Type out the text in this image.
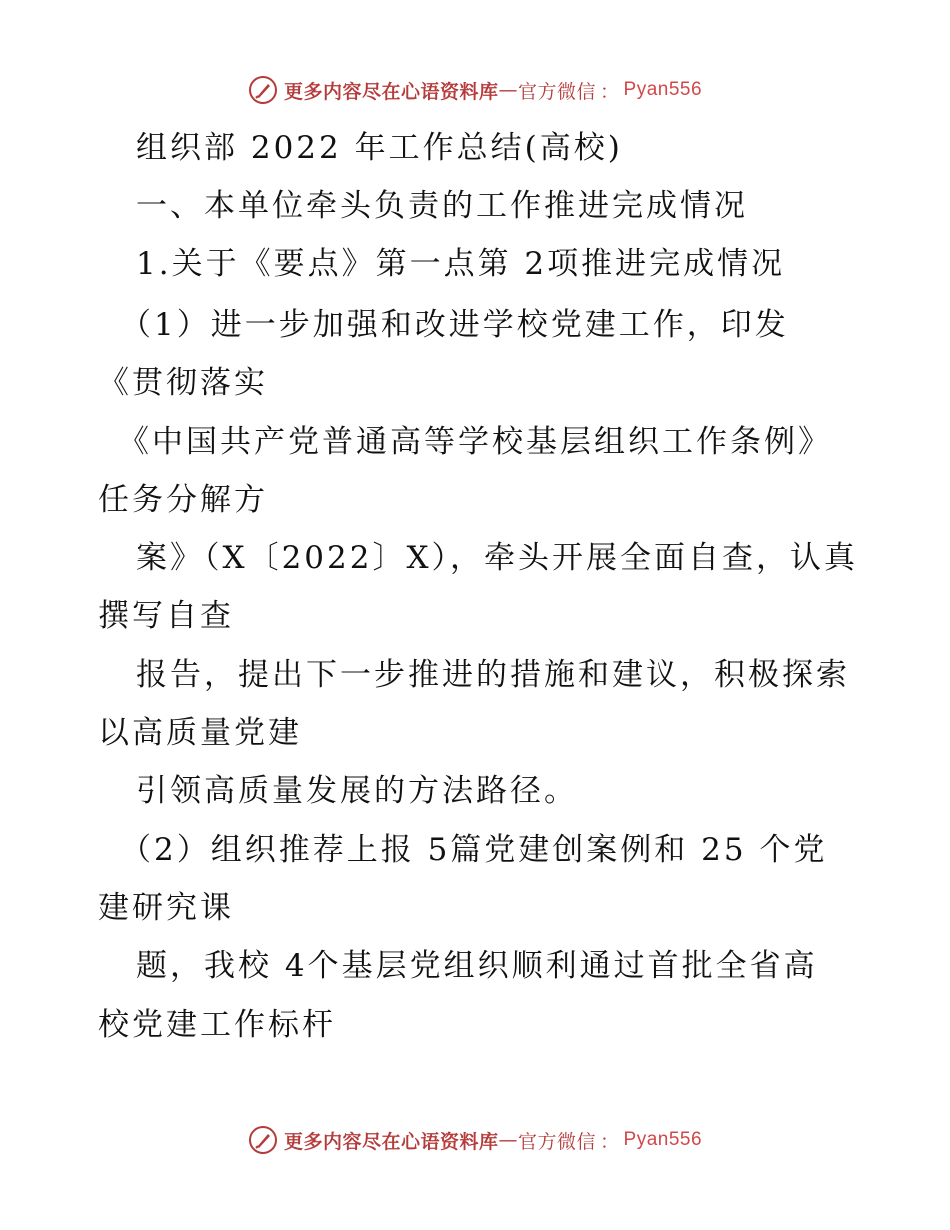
更多内容尽在心语资料库 — 官方微信 ： Pyan556
组织部 2022 年工作总结(高校)
一、本单位牵头负责的工作推进完成情况
1.关于《要点》第一点第 2项推进完成情况
（1）进一步加强和改进学校党建工作，印发
《贯彻落实
《中国共产党普通高等学校基层组织工作条例》
任务分解方
案》（X〔2022〕X），牵头开展全面自查，认真
撰写自查
报告，提出下一步推进的措施和建议，积极探索
以高质量党建
引领高质量发展的方法路径。
（2）组织推荐上报 5篇党建创案例和 25 个党
建研究课
题，我校 4个基层党组织顺利通过首批全省高
校党建工作标杆
更多内容尽在心语资料库 — 官方微信 ： Pyan556
